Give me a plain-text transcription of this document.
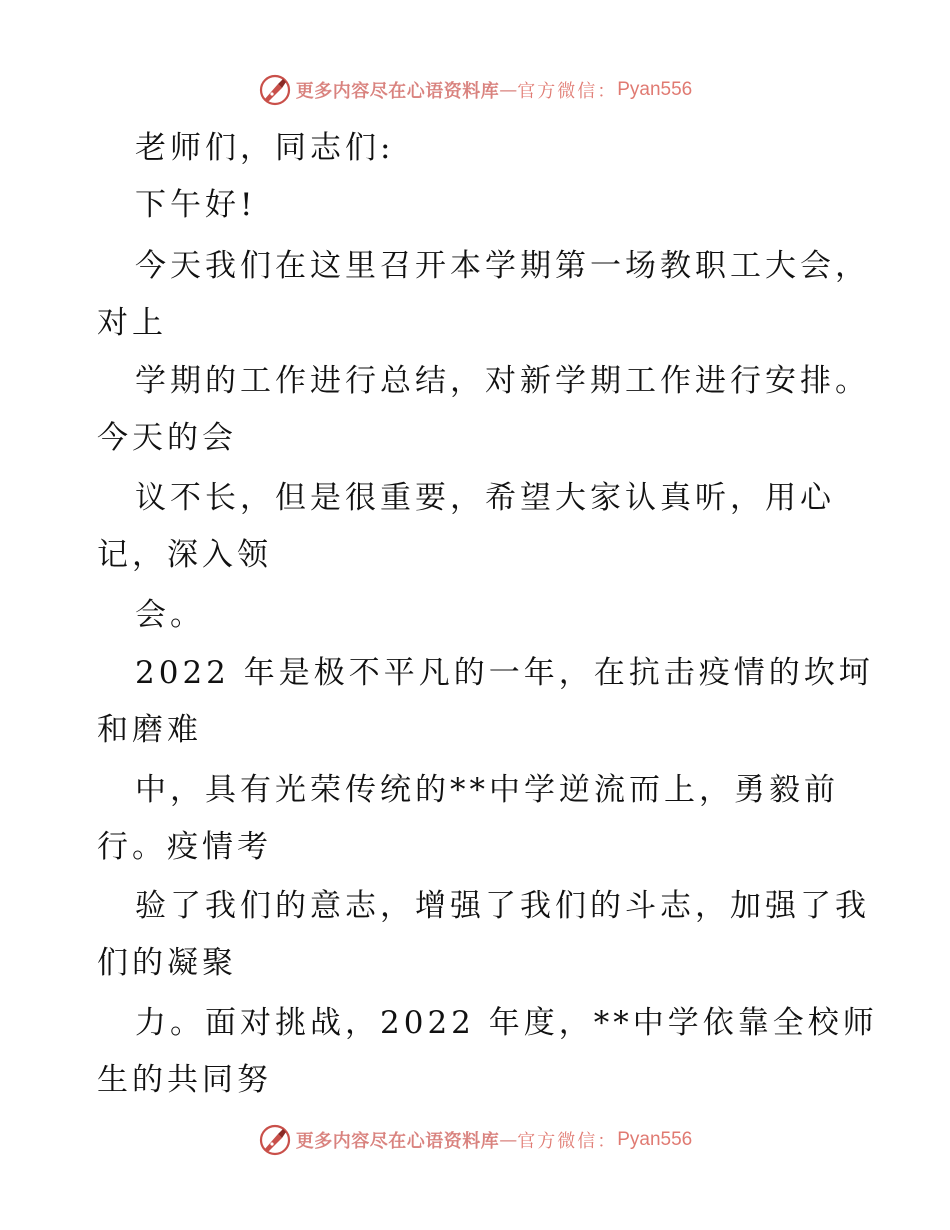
更多内容尽在心语资料库 — 官方微信： Pyan556
老师们，同志们:
下午好!
今天我们在这里召开本学期第一场教职工大会，
对上
学期的工作进行总结，对新学期工作进行安排。
今天的会
议不长，但是很重要，希望大家认真听，用心
记，深入领
会。
2022 年是极不平凡的一年，在抗击疫情的坎坷
和磨难
中，具有光荣传统的**中学逆流而上，勇毅前
行。疫情考
验了我们的意志，增强了我们的斗志，加强了我
们的凝聚
力。面对挑战，2022 年度，**中学依靠全校师
生的共同努
更多内容尽在心语资料库 — 官方微信： Pyan556
